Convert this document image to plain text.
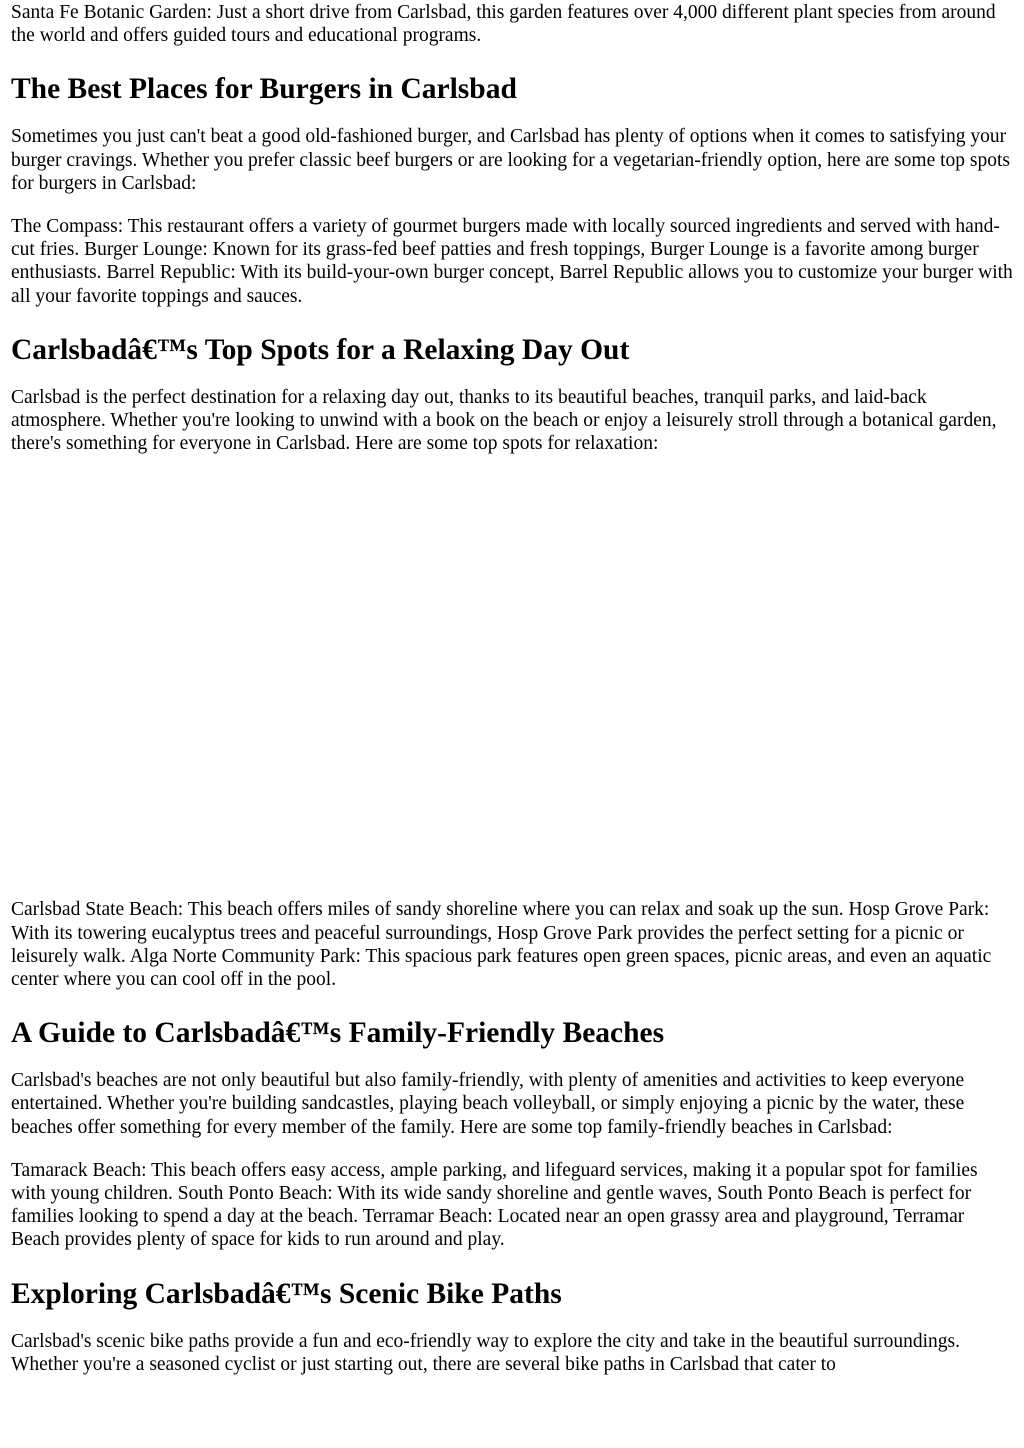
Santa Fe Botanic Garden: Just a short drive from Carlsbad, this garden features over 4,000 different plant species from around the world and offers guided tours and educational programs.

The Best Places for Burgers in Carlsbad

Sometimes you just can't beat a good old-fashioned burger, and Carlsbad has plenty of options when it comes to satisfying your burger cravings. Whether you prefer classic beef burgers or are looking for a vegetarian-friendly option, here are some top spots for burgers in Carlsbad:

The Compass: This restaurant offers a variety of gourmet burgers made with locally sourced ingredients and served with hand-cut fries. Burger Lounge: Known for its grass-fed beef patties and fresh toppings, Burger Lounge is a favorite among burger enthusiasts. Barrel Republic: With its build-your-own burger concept, Barrel Republic allows you to customize your burger with all your favorite toppings and sauces.

Carlsbadâ€™s Top Spots for a Relaxing Day Out

Carlsbad is the perfect destination for a relaxing day out, thanks to its beautiful beaches, tranquil parks, and laid-back atmosphere. Whether you're looking to unwind with a book on the beach or enjoy a leisurely stroll through a botanical garden, there's something for everyone in Carlsbad. Here are some top spots for relaxation:

Carlsbad State Beach: This beach offers miles of sandy shoreline where you can relax and soak up the sun. Hosp Grove Park: With its towering eucalyptus trees and peaceful surroundings, Hosp Grove Park provides the perfect setting for a picnic or leisurely walk. Alga Norte Community Park: This spacious park features open green spaces, picnic areas, and even an aquatic center where you can cool off in the pool.

A Guide to Carlsbadâ€™s Family-Friendly Beaches

Carlsbad's beaches are not only beautiful but also family-friendly, with plenty of amenities and activities to keep everyone entertained. Whether you're building sandcastles, playing beach volleyball, or simply enjoying a picnic by the water, these beaches offer something for every member of the family. Here are some top family-friendly beaches in Carlsbad:

Tamarack Beach: This beach offers easy access, ample parking, and lifeguard services, making it a popular spot for families with young children. South Ponto Beach: With its wide sandy shoreline and gentle waves, South Ponto Beach is perfect for families looking to spend a day at the beach. Terramar Beach: Located near an open grassy area and playground, Terramar Beach provides plenty of space for kids to run around and play.

Exploring Carlsbadâ€™s Scenic Bike Paths

Carlsbad's scenic bike paths provide a fun and eco-friendly way to explore the city and take in the beautiful surroundings. Whether you're a seasoned cyclist or just starting out, there are several bike paths in Carlsbad that cater to
